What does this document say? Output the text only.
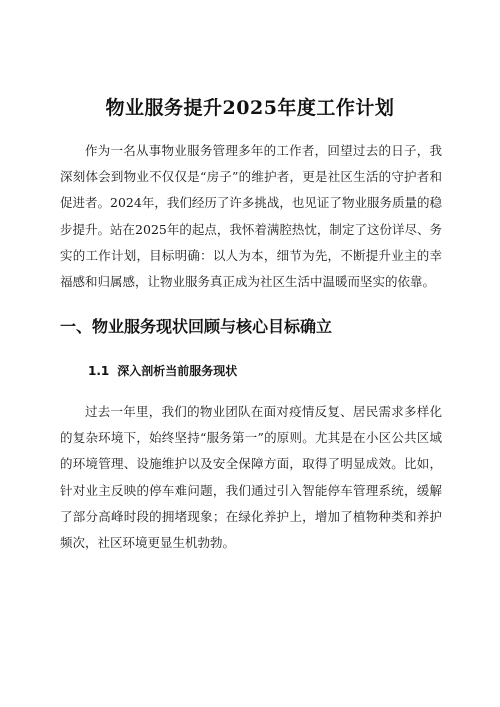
物业服务提升2025年度工作计划

作为一名从事物业服务管理多年的工作者，回望过去的日子，我深刻体会到物业不仅仅是“房子”的维护者，更是社区生活的守护者和促进者。2024年，我们经历了许多挑战，也见证了物业服务质量的稳步提升。站在2025年的起点，我怀着满腔热忱，制定了这份详尽、务实的工作计划，目标明确：以人为本，细节为先，不断提升业主的幸福感和归属感，让物业服务真正成为社区生活中温暖而坚实的依靠。

一、物业服务现状回顾与核心目标确立
1.1 深入剖析当前服务现状

过去一年里，我们的物业团队在面对疫情反复、居民需求多样化的复杂环境下，始终坚持“服务第一”的原则。尤其是在小区公共区域的环境管理、设施维护以及安全保障方面，取得了明显成效。比如，针对业主反映的停车难问题，我们通过引入智能停车管理系统，缓解了部分高峰时段的拥堵现象；在绿化养护上，增加了植物种类和养护频次，社区环境更显生机勃勃。
